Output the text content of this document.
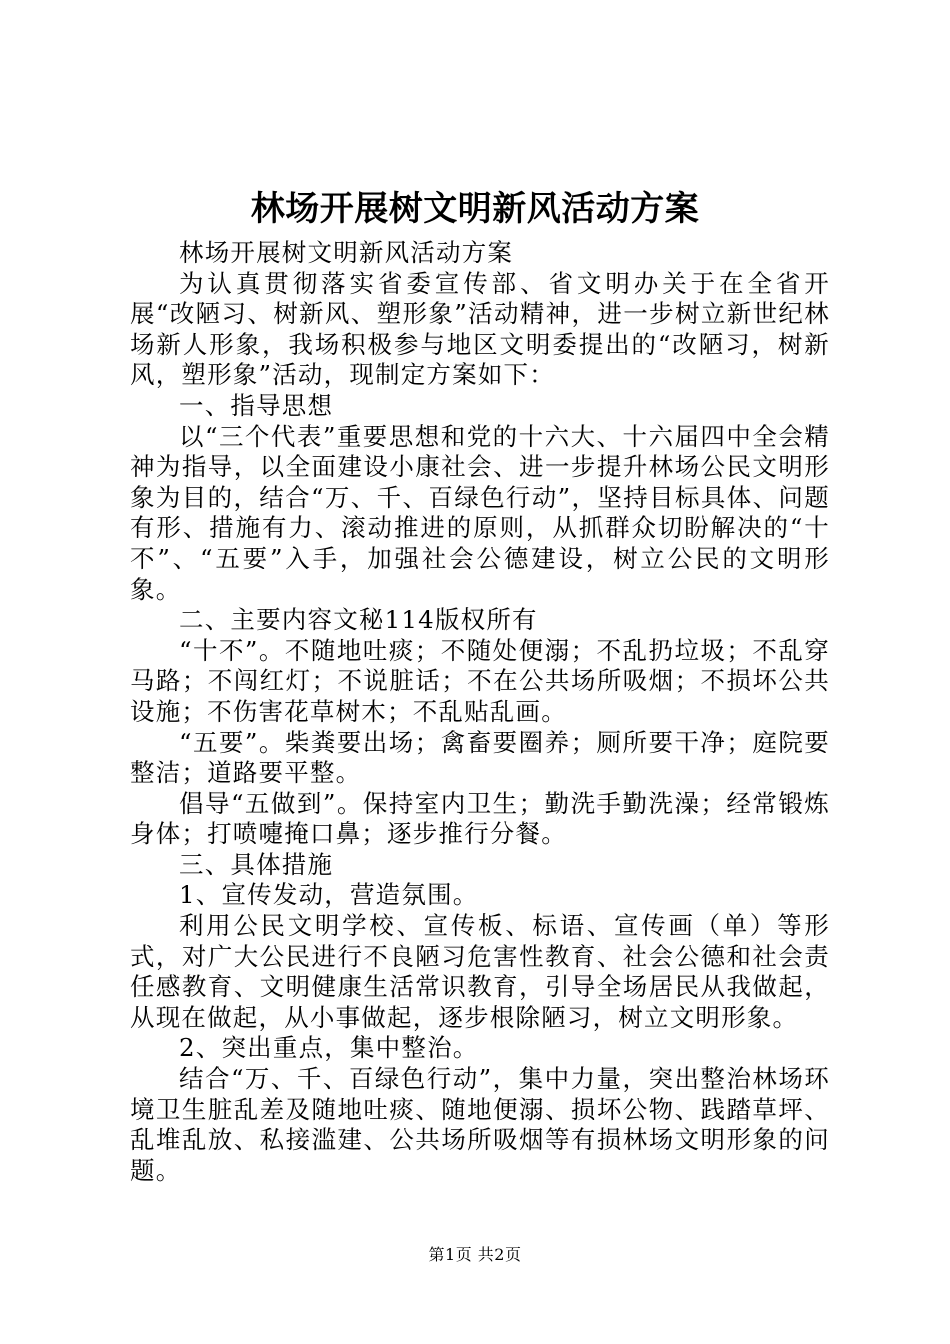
林场开展树文明新风活动方案

林场开展树文明新风活动方案

为认真贯彻落实省委宣传部、省文明办关于在全省开展“改陋习、树新风、塑形象”活动精神，进一步树立新世纪林场新人形象，我场积极参与地区文明委提出的“改陋习，树新风，塑形象”活动，现制定方案如下：

一、指导思想

以“三个代表”重要思想和党的十六大、十六届四中全会精神为指导，以全面建设小康社会、进一步提升林场公民文明形象为目的，结合“万、千、百绿色行动”，坚持目标具体、问题有形、措施有力、滚动推进的原则，从抓群众切盼解决的“十不”、“五要”入手，加强社会公德建设，树立公民的文明形象。

二、主要内容文秘114版权所有

“十不”。不随地吐痰；不随处便溺；不乱扔垃圾；不乱穿马路；不闯红灯；不说脏话；不在公共场所吸烟；不损坏公共设施；不伤害花草树木；不乱贴乱画。

“五要”。柴粪要出场；禽畜要圈养；厕所要干净；庭院要整洁；道路要平整。

倡导“五做到”。保持室内卫生；勤洗手勤洗澡；经常锻炼身体；打喷嚏掩口鼻；逐步推行分餐。

三、具体措施

1、宣传发动，营造氛围。

利用公民文明学校、宣传板、标语、宣传画（单）等形式，对广大公民进行不良陋习危害性教育、社会公德和社会责任感教育、文明健康生活常识教育，引导全场居民从我做起，从现在做起，从小事做起，逐步根除陋习，树立文明形象。

2、突出重点，集中整治。

结合“万、千、百绿色行动”，集中力量，突出整治林场环境卫生脏乱差及随地吐痰、随地便溺、损坏公物、践踏草坪、乱堆乱放、私接滥建、公共场所吸烟等有损林场文明形象的问题。

第1页 共2页
